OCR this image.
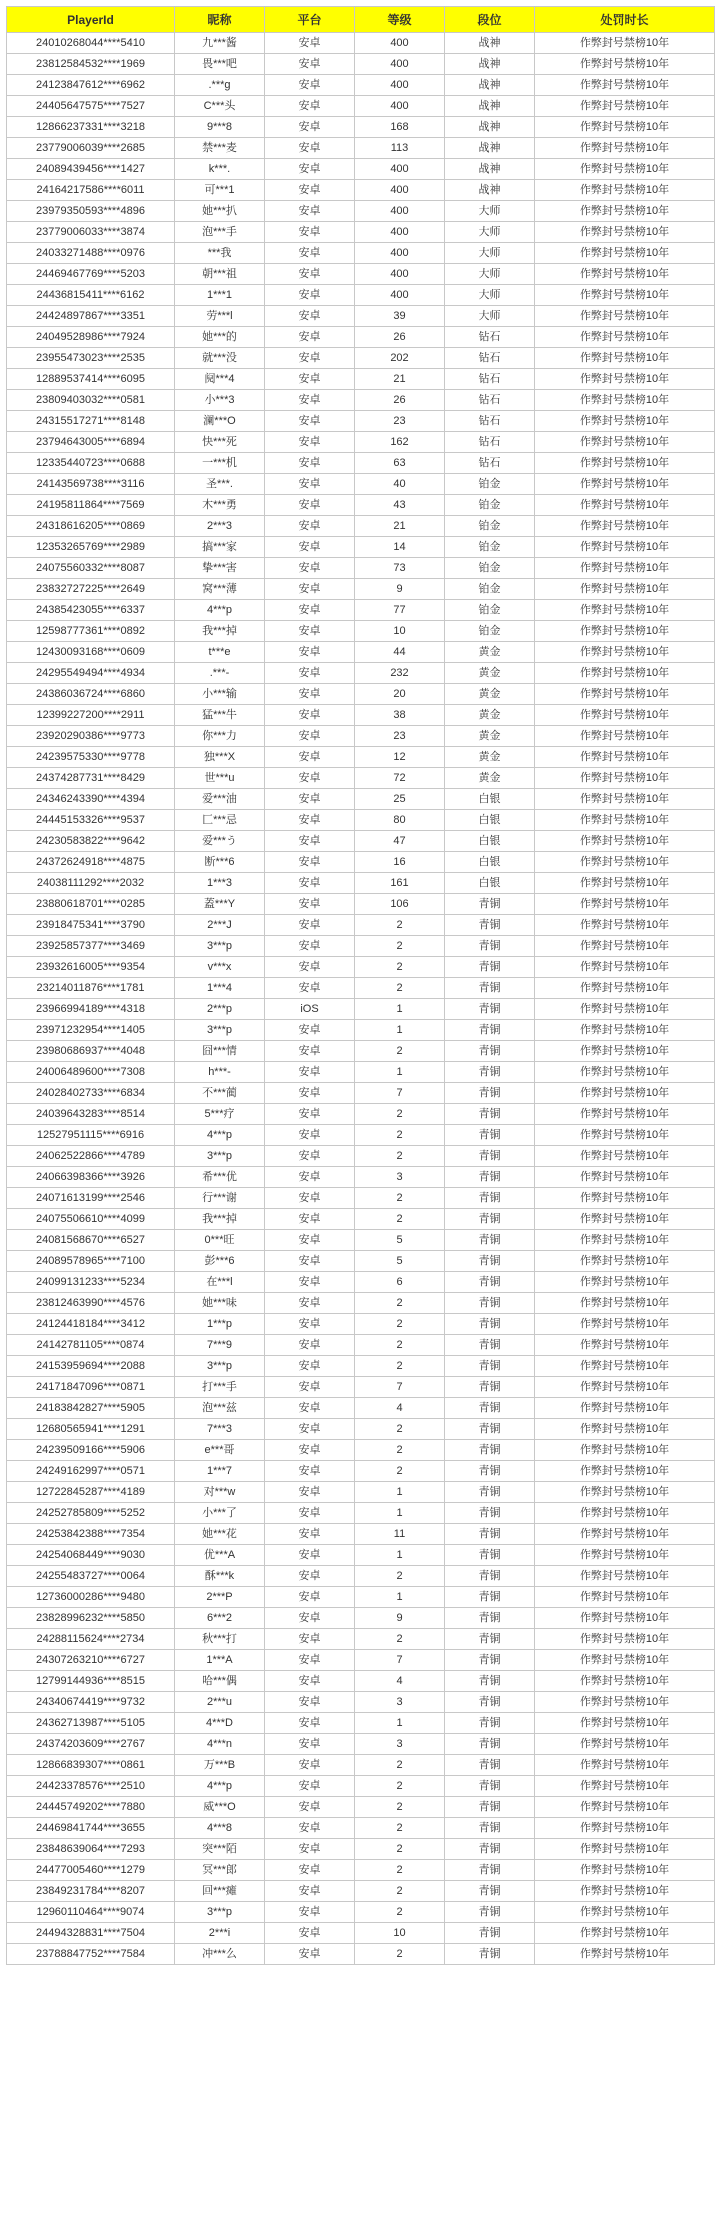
PlayerId	昵称	平台	等级	段位	处罚时长
24010268044****5410	九***酱	安卓	400	战神	作弊封号禁榜10年
23812584532****1969	畏***吧	安卓	400	战神	作弊封号禁榜10年
24123847612****6962	.***g	安卓	400	战神	作弊封号禁榜10年
24405647575****7527	C***头	安卓	400	战神	作弊封号禁榜10年
12866237331****3218	9***8	安卓	168	战神	作弊封号禁榜10年
23779006039****2685	禁***麦	安卓	113	战神	作弊封号禁榜10年
24089439456****1427	k***.	安卓	400	战神	作弊封号禁榜10年
24164217586****6011	可***1	安卓	400	战神	作弊封号禁榜10年
23979350593****4896	她***扒	安卓	400	大师	作弊封号禁榜10年
23779006033****3874	泡***手	安卓	400	大师	作弊封号禁榜10年
24033271488****0976	***我	安卓	400	大师	作弊封号禁榜10年
24469467769****5203	朝***祖	安卓	400	大师	作弊封号禁榜10年
24436815411****6162	1***1	安卓	400	大师	作弊封号禁榜10年
24424897867****3351	劳***l	安卓	39	大师	作弊封号禁榜10年
24049528986****7924	她***的	安卓	26	钻石	作弊封号禁榜10年
23955473023****2535	就***没	安卓	202	钻石	作弊封号禁榜10年
12889537414****6095	阋***4	安卓	21	钻石	作弊封号禁榜10年
23809403032****0581	小***3	安卓	26	钻石	作弊封号禁榜10年
24315517271****8148	澜***O	安卓	23	钻石	作弊封号禁榜10年
23794643005****6894	快***死	安卓	162	钻石	作弊封号禁榜10年
12335440723****0688	一***机	安卓	63	钻石	作弊封号禁榜10年
24143569738****3116	圣***.	安卓	40	铂金	作弊封号禁榜10年
24195811864****7569	木***勇	安卓	43	铂金	作弊封号禁榜10年
24318616205****0869	2***3	安卓	21	铂金	作弊封号禁榜10年
12353265769****2989	搞***家	安卓	14	铂金	作弊封号禁榜10年
24075560332****8087	挚***害	安卓	73	铂金	作弊封号禁榜10年
23832727225****2649	窝***薄	安卓	9	铂金	作弊封号禁榜10年
24385423055****6337	4***p	安卓	77	铂金	作弊封号禁榜10年
12598777361****0892	我***掉	安卓	10	铂金	作弊封号禁榜10年
12430093168****0609	t***e	安卓	44	黄金	作弊封号禁榜10年
24295549494****4934	.***-	安卓	232	黄金	作弊封号禁榜10年
24386036724****6860	小***输	安卓	20	黄金	作弊封号禁榜10年
12399227200****2911	猛***牛	安卓	38	黄金	作弊封号禁榜10年
23920290386****9773	你***力	安卓	23	黄金	作弊封号禁榜10年
24239575330****9778	独***X	安卓	12	黄金	作弊封号禁榜10年
24374287731****8429	世***u	安卓	72	黄金	作弊封号禁榜10年
24346243390****4394	爱***油	安卓	25	白银	作弊封号禁榜10年
24445153326****9537	匚***忌	安卓	80	白银	作弊封号禁榜10年
24230583822****9642	爱***う	安卓	47	白银	作弊封号禁榜10年
24372624918****4875	断***6	安卓	16	白银	作弊封号禁榜10年
24038111292****2032	1***3	安卓	161	白银	作弊封号禁榜10年
23880618701****0285	蓋***Y	安卓	106	青铜	作弊封号禁榜10年
23918475341****3790	2***J	安卓	2	青铜	作弊封号禁榜10年
23925857377****3469	3***p	安卓	2	青铜	作弊封号禁榜10年
23932616005****9354	v***x	安卓	2	青铜	作弊封号禁榜10年
23214011876****1781	1***4	安卓	2	青铜	作弊封号禁榜10年
23966994189****4318	2***p	iOS	1	青铜	作弊封号禁榜10年
23971232954****1405	3***p	安卓	1	青铜	作弊封号禁榜10年
23980686937****4048	囧***情	安卓	2	青铜	作弊封号禁榜10年
24006489600****7308	h***-	安卓	1	青铜	作弊封号禁榜10年
24028402733****6834	不***蔺	安卓	7	青铜	作弊封号禁榜10年
24039643283****8514	5***疗	安卓	2	青铜	作弊封号禁榜10年
12527951115****6916	4***p	安卓	2	青铜	作弊封号禁榜10年
24062522866****4789	3***p	安卓	2	青铜	作弊封号禁榜10年
24066398366****3926	希***优	安卓	3	青铜	作弊封号禁榜10年
24071613199****2546	行***谢	安卓	2	青铜	作弊封号禁榜10年
24075506610****4099	我***掉	安卓	2	青铜	作弊封号禁榜10年
24081568670****6527	0***旺	安卓	5	青铜	作弊封号禁榜10年
24089578965****7100	彭***6	安卓	5	青铜	作弊封号禁榜10年
24099131233****5234	在***l	安卓	6	青铜	作弊封号禁榜10年
23812463990****4576	她***味	安卓	2	青铜	作弊封号禁榜10年
24124418184****3412	1***p	安卓	2	青铜	作弊封号禁榜10年
24142781105****0874	7***9	安卓	2	青铜	作弊封号禁榜10年
24153959694****2088	3***p	安卓	2	青铜	作弊封号禁榜10年
24171847096****0871	打***手	安卓	7	青铜	作弊封号禁榜10年
24183842827****5905	泡***兹	安卓	4	青铜	作弊封号禁榜10年
12680565941****1291	7***3	安卓	2	青铜	作弊封号禁榜10年
24239509166****5906	e***哥	安卓	2	青铜	作弊封号禁榜10年
24249162997****0571	1***7	安卓	2	青铜	作弊封号禁榜10年
12722845287****4189	对***w	安卓	1	青铜	作弊封号禁榜10年
24252785809****5252	小***了	安卓	1	青铜	作弊封号禁榜10年
24253842388****7354	她***花	安卓	11	青铜	作弊封号禁榜10年
24254068449****9030	优***A	安卓	1	青铜	作弊封号禁榜10年
24255483727****0064	酥***k	安卓	2	青铜	作弊封号禁榜10年
12736000286****9480	2***P	安卓	1	青铜	作弊封号禁榜10年
23828996232****5850	6***2	安卓	9	青铜	作弊封号禁榜10年
24288115624****2734	秋***打	安卓	2	青铜	作弊封号禁榜10年
24307263210****6727	1***A	安卓	7	青铜	作弊封号禁榜10年
12799144936****8515	哈***偶	安卓	4	青铜	作弊封号禁榜10年
24340674419****9732	2***u	安卓	3	青铜	作弊封号禁榜10年
24362713987****5105	4***D	安卓	1	青铜	作弊封号禁榜10年
24374203609****2767	4***n	安卓	3	青铜	作弊封号禁榜10年
12866839307****0861	万***B	安卓	2	青铜	作弊封号禁榜10年
24423378576****2510	4***p	安卓	2	青铜	作弊封号禁榜10年
24445749202****7880	威***O	安卓	2	青铜	作弊封号禁榜10年
24469841744****3655	4***8	安卓	2	青铜	作弊封号禁榜10年
23848639064****7293	突***陌	安卓	2	青铜	作弊封号禁榜10年
24477005460****1279	冥***郎	安卓	2	青铜	作弊封号禁榜10年
23849231784****8207	回***瘫	安卓	2	青铜	作弊封号禁榜10年
12960110464****9074	3***p	安卓	2	青铜	作弊封号禁榜10年
24494328831****7504	2***i	安卓	10	青铜	作弊封号禁榜10年
23788847752****7584	冲***么	安卓	2	青铜	作弊封号禁榜10年
